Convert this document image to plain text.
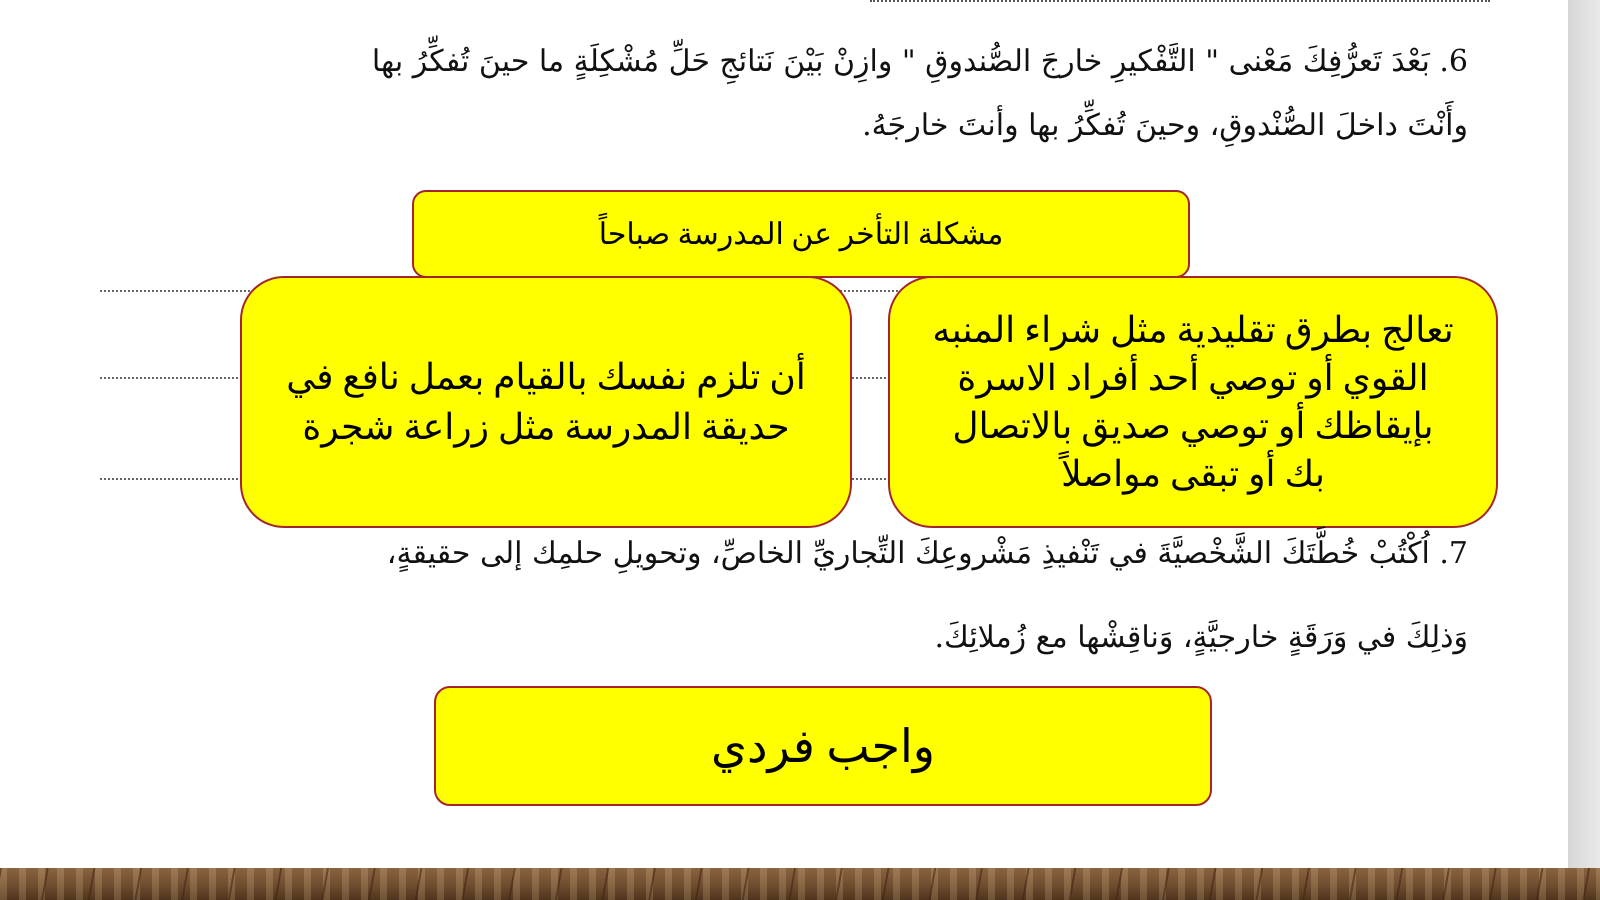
6. بَعْدَ تَعرُّفِكَ مَعْنى " التَّفْكيرِ خارجَ الصُّندوقِ " وازِنْ بَيْنَ نَتائجِ حَلِّ مُشْكِلَةٍ ما حينَ تُفكِّرُ بها
وأَنْتَ داخلَ الصُّنْدوقِ، وحينَ تُفكِّرُ بها وأنتَ خارجَهُ.
مشكلة التأخر عن المدرسة صباحاً
أن تلزم نفسك بالقيام بعمل نافع في حديقة المدرسة مثل زراعة شجرة
تعالج بطرق تقليدية مثل شراء المنبه القوي أو توصي أحد أفراد الاسرة بإيقاظك أو توصي صديق بالاتصال بك أو تبقى مواصلاً
7. اُكْتُبْ خُطَّتَكَ الشَّخْصيَّةَ في تَنْفيذِ مَشْروعِكَ التِّجاريِّ الخاصِّ، وتحويلِ حلمِك إلى حقيقةٍ،
وَذلِكَ في وَرَقَةٍ خارجيَّةٍ، وَناقِشْها مع زُملائِكَ.
واجب فردي
